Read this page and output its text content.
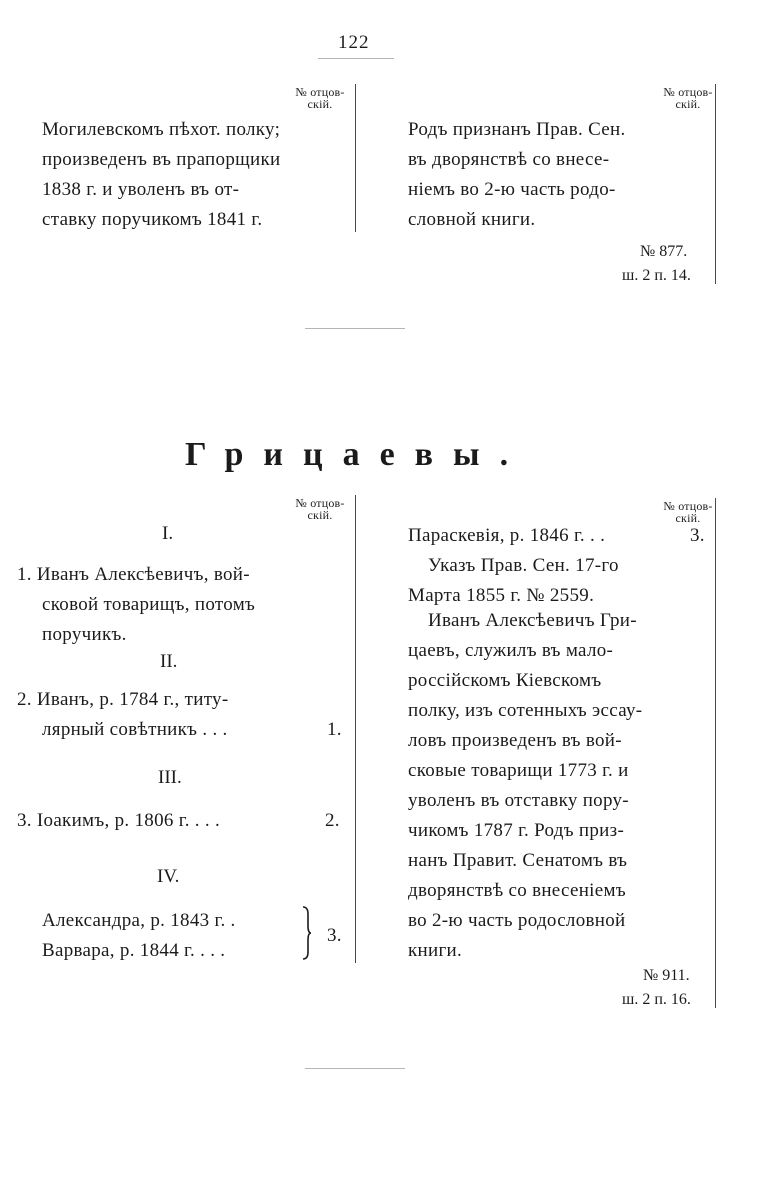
122
№ отцов-
скій.
Могилевскомъ пѣхот. полку;
произведенъ въ прапорщики
1838 г. и уволенъ въ от-
ставку поручикомъ 1841 г.
№ отцов-
скій.
Родъ признанъ Прав. Сен.
въ дворянствѣ со внесе-
ніемъ во 2-ю часть родо-
словной книги.
№ 877.
ш. 2 п. 14.
Грицаевы.
№ отцов-
скій.
№ отцов-
скій.
I.
1. Иванъ Алексѣевичъ, вой-
сковой товарищъ, потомъ
поручикъ.
II.
2. Иванъ, р. 1784 г., титу-
лярный совѣтникъ . . .	1.
III.
3. Іоакимъ, р. 1806 г. . . .	2.
IV.
Александра, р. 1843 г. .
Варвара, р. 1844 г. . . .
3.
Параскевія, р. 1846 г. . .
Указъ Прав. Сен. 17-го
Марта 1855 г. № 2559.
3.
Иванъ Алексѣевичъ Гри-
цаевъ, служилъ въ мало-
россійскомъ Кіевскомъ
полку, изъ сотенныхъ эссау-
ловъ произведенъ въ вой-
сковые товарищи 1773 г. и
уволенъ въ отставку пору-
чикомъ 1787 г. Родъ приз-
нанъ Правит. Сенатомъ въ
дворянствѣ со внесеніемъ
во 2-ю часть родословной
книги.
№ 911.
ш. 2 п. 16.
